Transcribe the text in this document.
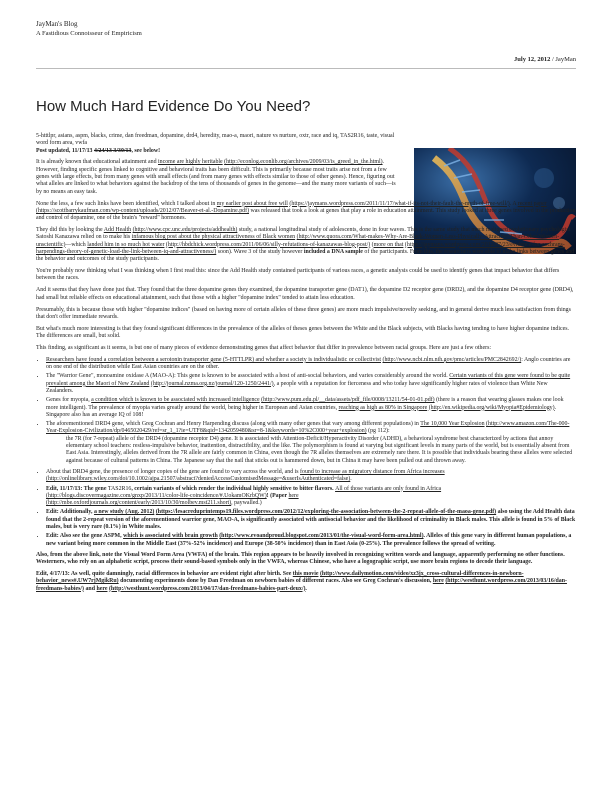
JayMan's Blog
A Fastidious Connoisseur of Empiricism
July 12, 2012 / JayMan
How Much Hard Evidence Do You Need?

5-htttlpr, asians, aspm, blacks, crime, dan freedman, dopamine, drd4, heredity, mao-a, maori, nature vs nurture, oxtr, race and iq, TAS2R16, taste, visual word form area, vwfa
Post updated, 11/17/13 4/24/13 3/30/13, see below!

It is already known that educational attainment and income are highly heritable (http://econlog.econlib.org/archives/2009/03/is_greed_in_the.html). However, finding specific genes linked to cognitive and behavioral traits has been difficult. This is primarily because most traits arise not from a few genes with large effects, but from many genes with small effects (and from many genes with effects similar to those of other genes). Hence, figuring out what alleles are linked to what behaviors against the backdrop of the tens of thousands of genes in the genome—and the many more variants of such—is by no means an easy task.

None the less, a few such links have been identified, which I talked about in my earlier post about free will (https://jaymans.wordpress.com/2011/11/17/what-if-its-not-their-fault-the-myth-of-free-will/). A recent paper (https://scottbarrykaufman.com/wp-content/uploads/2012/07/Beaver-et-al.-Dopamine.pdf) was released that took a look at genes that play a role in education attainment. This study looked at three genes involved in the production and control of dopamine, one of the brain's "reward" hormones.

They did this by looking the Add Health (http://www.cpc.unc.edu/projects/addhealth) study, a national longitudinal study of adolescents, done in four waves. This is the same study that much maligned evolutionary psychologist Satoshi Kanazawa relied on to make his infamous blog post about the physical attractiveness of Black women (http://www.quora.com/What-makes-Why-Are-Black-Women-Less-Physically-Attractive-Than-Other-Women-unscientific)—which landed him in so much hot water (http://hbdchick.wordpress.com/2011/06/06/silly-refutations-of-kanazawas-blog-post/) (more on that (https://jaymans.wordpress.com/2012/07/23/evidence-for-cochrans-harpendings-theory-of-genetic-load-the-link-between-iq-and-attractiveness/) soon). Wave 3 of the study however included a DNA sample of the participants. From this, the researchers were able to make links between genes and the behavior and outcomes of the study participants.

You're probably now thinking what I was thinking when I first read this: since the Add Health study contained participants of various races, a genetic analysis could be used to identify genes that impact behavior that differs between the races.

And it seems that they have done just that. They found that the three dopamine genes they examined, the dopamine transporter gene (DAT1), the dopamine D2 receptor gene (DRD2), and the dopamine D4 receptor gene (DRD4), had small but reliable effects on educational attainment, such that those with a higher "dopamine index" tended to attain less education.

Presumably, this is because those with higher "dopamine indices" (based on having more of certain alleles of these three genes) are more much impulsive/novelty seeking, and in general derive much less satisfaction from things that don't offer immediate rewards.

But what's much more interesting is that they found significant differences in the prevalence of the alleles of theses genes between the White and the Black subjects, with Blacks having tending to have higher dopamine indices. The differences are small, but solid.

This finding, as significant as it seems, is but one of many pieces of evidence demonstrating genes that affect behavior that differ in prevalence between racial groups. Here are just a few others:

• Researchers have found a correlation between a serotonin transporter gene (5-HTTLPR) and whether a society is individualistic or collectivist (http://www.ncbi.nlm.nih.gov/pmc/articles/PMC2842692/): Anglo countries are on one end of the distribution while East Asian countries are on the other.
• The "Warrior Gene", monoamine oxidase A (MAO-A): This gene is known to be associated with a host of anti-social behaviors, and varies considerably around the world. Certain variants of this gene were found to be quite prevalent among the Maori of New Zealand (http://journal.nzma.org.nz/journal/120-1250/2441/), a people with a reputation for fierceness and who today have significantly higher rates of violence than White New Zealanders.
• Genes for myopia, a condition which is known to be associated with increased intelligence (http://www.pum.edu.pl/__data/assets/pdf_file/0008/13211/54-01-01.pdf) (there is a reason that wearing glasses makes one look more intelligent). The prevalence of myopia varies greatly around the world, being higher in European and Asian countries, reaching as high as 80% in Singapore (http://en.wikipedia.org/wiki/Myopia#Epidemiology). Singapore also has an average IQ of 108!
• The aforementioned DRD4 gene, which Greg Cochran and Henry Harpending discuss (along with many other genes that vary among different populations) in The 10,000 Year Explosion (http://www.amazon.com/The-000-Year-Explosion-Civilization/dp/0465020429/ref=sr_1_1?ie=UTF8&qid=1342059480&sr=8-1&keywords=10%2C000+year+explosion) (pg 112):
the 7R (for 7-repeat) allele of the DRD4 (dopamine receptor D4) gene. It is associated with Attention-Deficit/Hyperactivity Disorder (ADHD), a behavioral syndrome best characterized by actions that annoy elementary school teachers: restless-impulsive behavior, inattention, distractibility, and the like. The polymorphism is found at varying but significant levels in many parts of the world, but is essentially absent from East Asia. Interestingly, alleles derived from the 7R allele are fairly common in China, even though the 7R alleles themselves are extremely rare there. It is possible that individuals bearing these alleles were selected against because of cultural patterns in China. The Japanese say that the nail that sticks out is hammered down, but in China it may have been pulled out and thrown away.
• About that DRD4 gene, the presence of longer copies of the gene are found to vary across the world, and is found to increase as migratory distance from Africa increases (http://onlinelibrary.wiley.com/doi/10.1002/ajpa.21507/abstract?deniedAccessCustomisedMessage=&userIsAuthenticated=false).
• Edit, 11/17/13: The gene TAS2R16, certain variants of which render the individual highly sensitive to bitter flavors. All of those variants are only found in Africa (http://blogs.discovermagazine.com/gnxp/2013/11/color-life-coincidence/#.UokamOKrbQW)! (Paper here
(http://mbe.oxfordjournals.org/content/early/2013/10/30/molbev.mst211.short), paywalled.)
• Edit: Additionally, a new study (Aug. 2012) (https://lesacreduprintemps19.files.wordpress.com/2012/12/exploring-the-association-between-the-2-repeat-allele-of-the-maoa-gene.pdf) also using the Add Health data found that the 2-repeat version of the aforementioned warrior gene, MAO-A, is significantly associated with antisocial behavior and the likelihood of criminality in Black males. This allele is found in 5% of Black males, but is very rare (0.1%) in White males.
• Edit: Also see the gene ASPM, which is associated with brain growth (http://www.evoandproud.blogspot.com/2013/01/the-visual-word-form-area.html). Alleles of this gene vary in different human populations, a new variant being more common in the Middle East (37%-52% incidence) and Europe (38-50% incidence) than in East Asia (0-25%). The prevalence follows the spread of writing.

Also, from the above link, note the Visual Word Form Area (VWFA) of the brain. This region appears to be heavily involved in recognizing written words and language, apparently performing no other functions. Westerners, who rely on an alphabetic script, process their sound-based symbols only in the VWFA, whereas Chinese, who have a logographic script, use more brain regions to decode their language.

Edit, 4/17/13: As well, quite damningly, racial differences in behavior are evident right after birth. See this movie (http://www.dailymotion.com/video/xz3jx_cross-cultural-differences-in-newborn-behavior_news#.UW7rjMgikRu) documenting experiments done by Dan Freedman on newborn babies of different races. Also see Greg Cochran's discussion, here (http://westhunt.wordpress.com/2013/03/16/dan-freedmans-babies/) and here (http://westhunt.wordpress.com/2013/04/17/dan-freedmans-babies-part-deux/).
